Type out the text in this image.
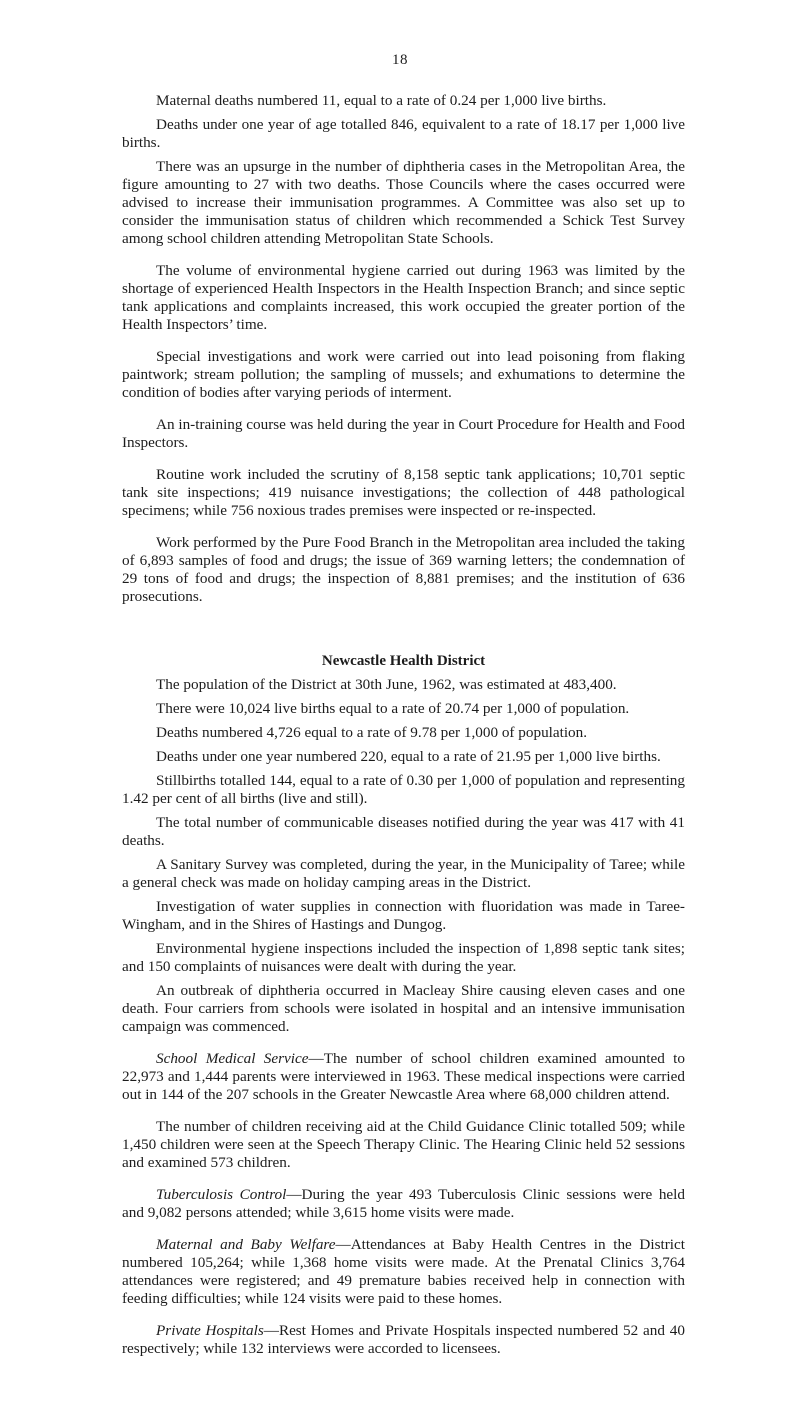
18

Maternal deaths numbered 11, equal to a rate of 0.24 per 1,000 live births.

Deaths under one year of age totalled 846, equivalent to a rate of 18.17 per 1,000 live births.

There was an upsurge in the number of diphtheria cases in the Metropolitan Area, the figure amounting to 27 with two deaths. Those Councils where the cases occurred were advised to increase their immunisation programmes. A Committee was also set up to consider the immunisation status of children which recommended a Schick Test Survey among school children attending Metropolitan State Schools.

The volume of environmental hygiene carried out during 1963 was limited by the shortage of experienced Health Inspectors in the Health Inspection Branch; and since septic tank applications and complaints increased, this work occupied the greater portion of the Health Inspectors’ time.

Special investigations and work were carried out into lead poisoning from flaking paintwork; stream pollution; the sampling of mussels; and exhumations to determine the condition of bodies after varying periods of interment.

An in-training course was held during the year in Court Procedure for Health and Food Inspectors.

Routine work included the scrutiny of 8,158 septic tank applications; 10,701 septic tank site inspections; 419 nuisance investigations; the collection of 448 pathological specimens; while 756 noxious trades premises were inspected or re-inspected.

Work performed by the Pure Food Branch in the Metropolitan area included the taking of 6,893 samples of food and drugs; the issue of 369 warning letters; the condemnation of 29 tons of food and drugs; the inspection of 8,881 premises; and the institution of 636 prosecutions.

Newcastle Health District

The population of the District at 30th June, 1962, was estimated at 483,400.

There were 10,024 live births equal to a rate of 20.74 per 1,000 of population.

Deaths numbered 4,726 equal to a rate of 9.78 per 1,000 of population.

Deaths under one year numbered 220, equal to a rate of 21.95 per 1,000 live births.

Stillbirths totalled 144, equal to a rate of 0.30 per 1,000 of population and representing 1.42 per cent of all births (live and still).

The total number of communicable diseases notified during the year was 417 with 41 deaths.

A Sanitary Survey was completed, during the year, in the Municipality of Taree; while a general check was made on holiday camping areas in the District.

Investigation of water supplies in connection with fluoridation was made in Taree-Wingham, and in the Shires of Hastings and Dungog.

Environmental hygiene inspections included the inspection of 1,898 septic tank sites; and 150 complaints of nuisances were dealt with during the year.

An outbreak of diphtheria occurred in Macleay Shire causing eleven cases and one death. Four carriers from schools were isolated in hospital and an intensive immunisation campaign was commenced.

School Medical Service—The number of school children examined amounted to 22,973 and 1,444 parents were interviewed in 1963. These medical inspections were carried out in 144 of the 207 schools in the Greater Newcastle Area where 68,000 children attend.

The number of children receiving aid at the Child Guidance Clinic totalled 509; while 1,450 children were seen at the Speech Therapy Clinic. The Hearing Clinic held 52 sessions and examined 573 children.

Tuberculosis Control—During the year 493 Tuberculosis Clinic sessions were held and 9,082 persons attended; while 3,615 home visits were made.

Maternal and Baby Welfare—Attendances at Baby Health Centres in the District numbered 105,264; while 1,368 home visits were made. At the Prenatal Clinics 3,764 attendances were registered; and 49 premature babies received help in connection with feeding difficulties; while 124 visits were paid to these homes.

Private Hospitals—Rest Homes and Private Hospitals inspected numbered 52 and 40 respectively; while 132 interviews were accorded to licensees.
